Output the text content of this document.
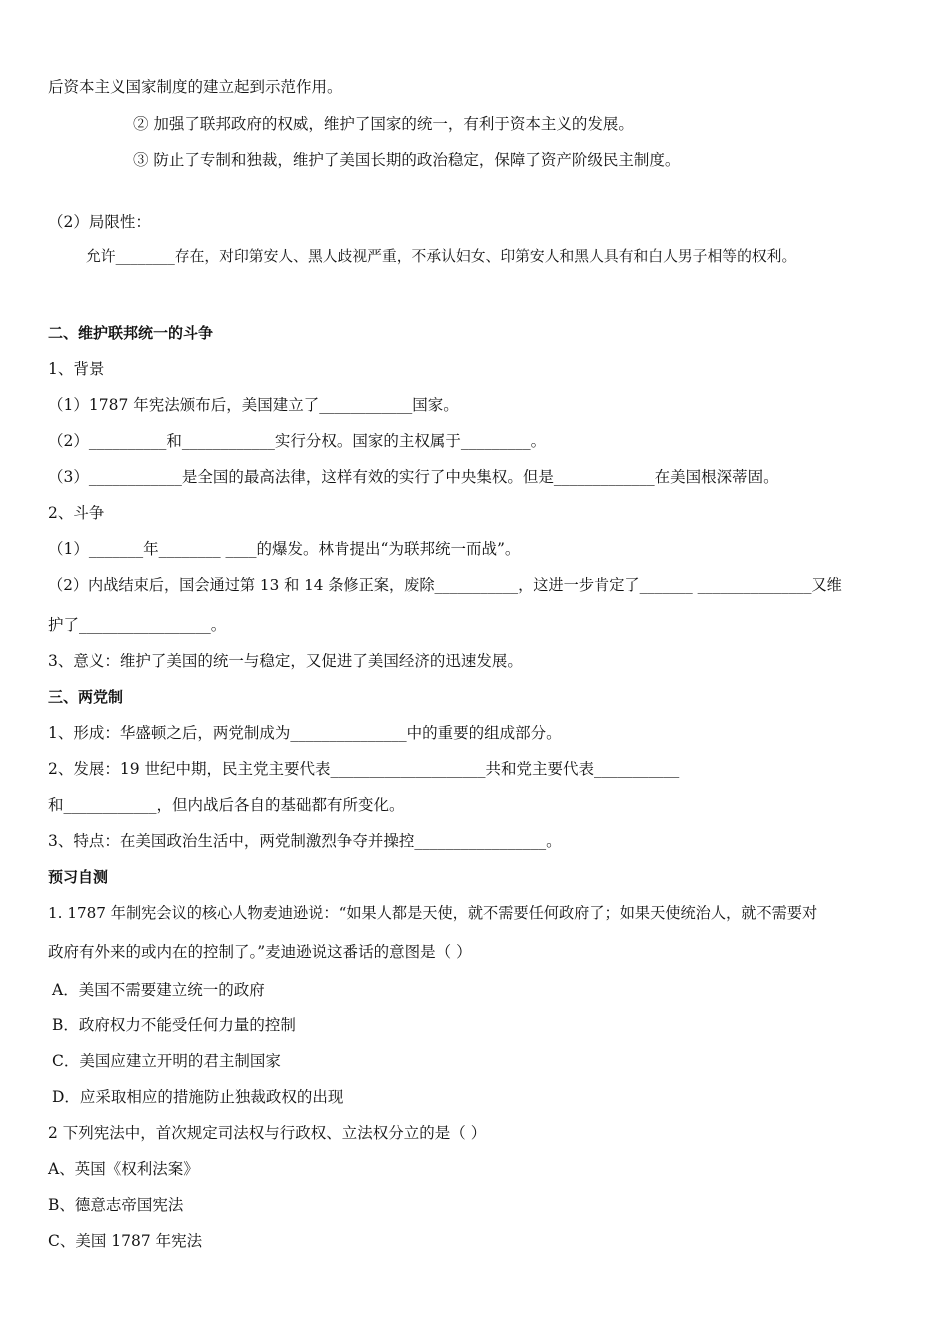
后资本主义国家制度的建立起到示范作用。
② 加强了联邦政府的权威，维护了国家的统一，有利于资本主义的发展。
③ 防止了专制和独裁，维护了美国长期的政治稳定，保障了资产阶级民主制度。
（2）局限性：
允许________存在，对印第安人、黑人歧视严重，不承认妇女、印第安人和黑人具有和白人男子相等的权利。
二、维护联邦统一的斗争
1、背景
（1）1787 年宪法颁布后，美国建立了____________国家。
（2）__________和____________实行分权。国家的主权属于_________。
（3）____________是全国的最高法律，这样有效的实行了中央集权。但是_____________在美国根深蒂固。
2、斗争
（1）_______年________ ____的爆发。林肯提出“为联邦统一而战”。
（2）内战结束后，国会通过第 13 和 14 条修正案，废除___________，这进一步肯定了_______ _______________又维
护了_________________。
3、意义：维护了美国的统一与稳定，又促进了美国经济的迅速发展。
三、两党制
1、形成：华盛顿之后，两党制成为_______________中的重要的组成部分。
2、发展：19 世纪中期，民主党主要代表____________________共和党主要代表___________
和____________，但内战后各自的基础都有所变化。
3、特点：在美国政治生活中，两党制激烈争夺并操控_________________。
预习自测
1. 1787 年制宪会议的核心人物麦迪逊说：“如果人都是天使，就不需要任何政府了；如果天使统治人，就不需要对
政府有外来的或内在的控制了。”麦迪逊说这番话的意图是（ ）
A．美国不需要建立统一的政府
B．政府权力不能受任何力量的控制
C．美国应建立开明的君主制国家
D．应采取相应的措施防止独裁政权的出现
2 下列宪法中，首次规定司法权与行政权、立法权分立的是（ ）
A、英国《权利法案》
B、德意志帝国宪法
C、美国 1787 年宪法
